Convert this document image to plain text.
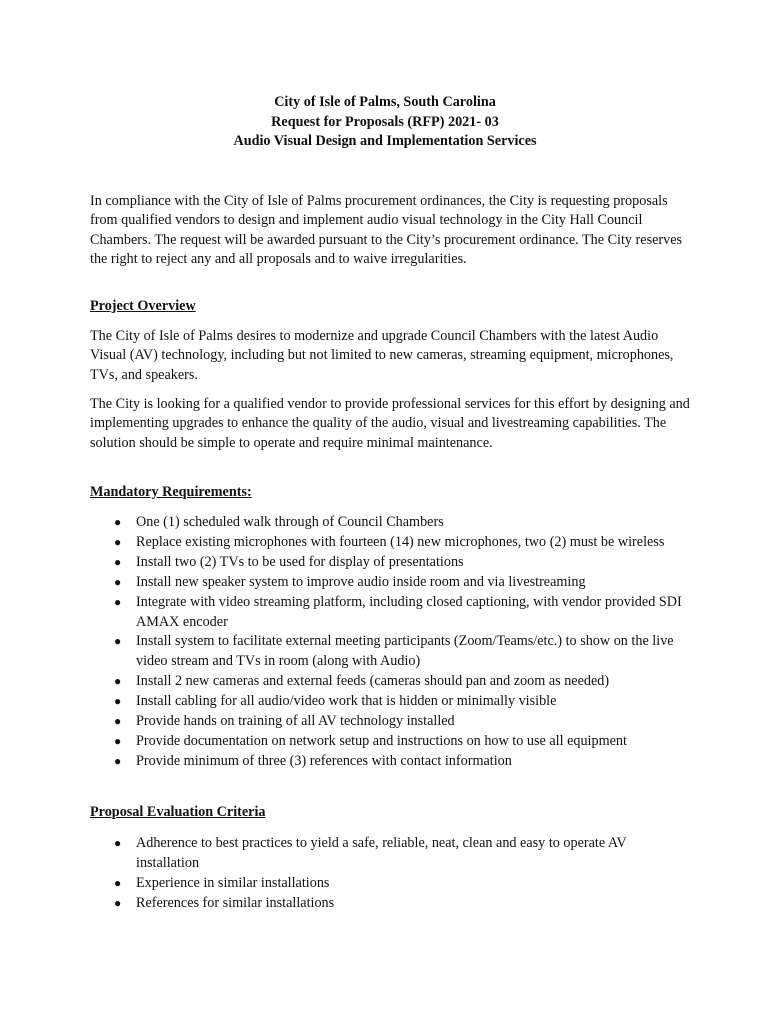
City of Isle of Palms, South Carolina
Request for Proposals (RFP) 2021- 03
Audio Visual Design and Implementation Services

In compliance with the City of Isle of Palms procurement ordinances, the City is requesting proposals from qualified vendors to design and implement audio visual technology in the City Hall Council Chambers. The request will be awarded pursuant to the City’s procurement ordinance. The City reserves the right to reject any and all proposals and to waive irregularities.

Project Overview

The City of Isle of Palms desires to modernize and upgrade Council Chambers with the latest Audio Visual (AV) technology, including but not limited to new cameras, streaming equipment, microphones, TVs, and speakers.

The City is looking for a qualified vendor to provide professional services for this effort by designing and implementing upgrades to enhance the quality of the audio, visual and livestreaming capabilities. The solution should be simple to operate and require minimal maintenance.

Mandatory Requirements:
● One (1) scheduled walk through of Council Chambers
● Replace existing microphones with fourteen (14) new microphones, two (2) must be wireless
● Install two (2) TVs to be used for display of presentations
● Install new speaker system to improve audio inside room and via livestreaming
● Integrate with video streaming platform, including closed captioning, with vendor provided SDI AMAX encoder
● Install system to facilitate external meeting participants (Zoom/Teams/etc.) to show on the live video stream and TVs in room (along with Audio)
● Install 2 new cameras and external feeds (cameras should pan and zoom as needed)
● Install cabling for all audio/video work that is hidden or minimally visible
● Provide hands on training of all AV technology installed
● Provide documentation on network setup and instructions on how to use all equipment
● Provide minimum of three (3) references with contact information
Proposal Evaluation Criteria
● Adherence to best practices to yield a safe, reliable, neat, clean and easy to operate AV installation
● Experience in similar installations
● References for similar installations
